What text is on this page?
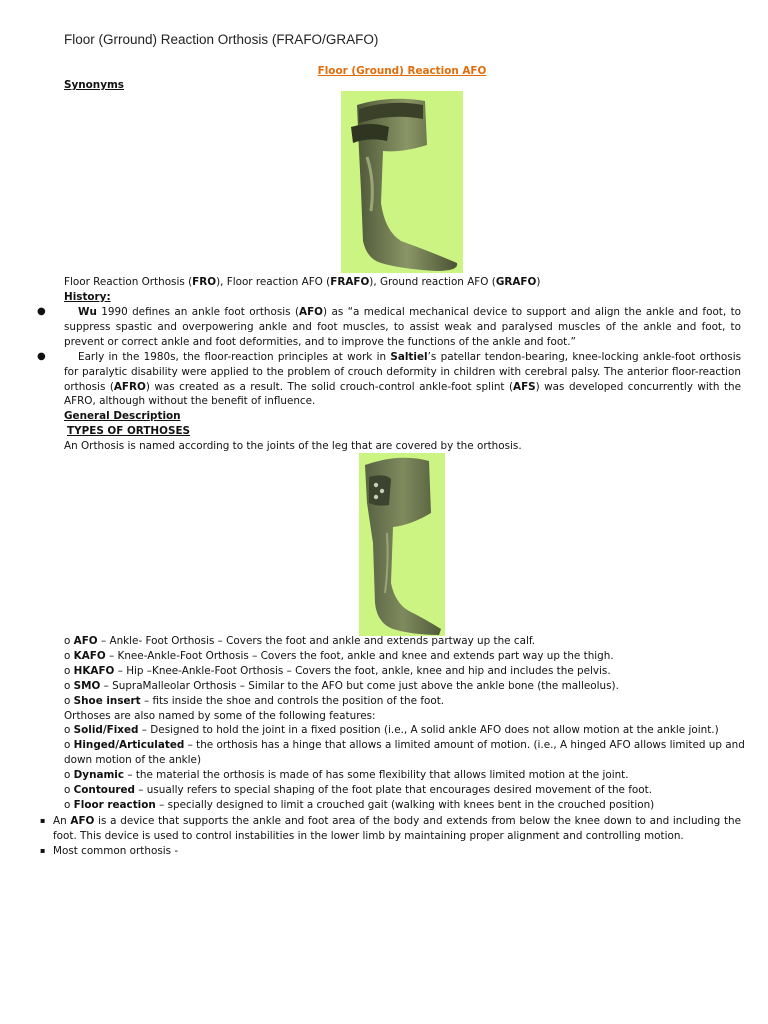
Floor (Grround) Reaction Orthosis (FRAFO/GRAFO)
Floor (Ground) Reaction AFO
Synonyms
Floor Reaction Orthosis (FRO), Floor reaction AFO (FRAFO), Ground reaction AFO (GRAFO)
History:
●	Wu 1990 defines an ankle foot orthosis (AFO) as “a medical mechanical device to support and align the ankle and foot, to suppress spastic and overpowering ankle and foot muscles, to assist weak and paralysed muscles of the ankle and foot, to prevent or correct ankle and foot deformities, and to improve the functions of the ankle and foot.”
●	Early in the 1980s, the floor-reaction principles at work in Saltiel’s patellar tendon-bearing, knee-locking ankle-foot orthosis for paralytic disability were applied to the problem of crouch deformity in children with cerebral palsy. The anterior floor-reaction orthosis (AFRO) was created as a result. The solid crouch-control ankle-foot splint (AFS) was developed concurrently with the AFRO, although without the benefit of influence.
General Description
TYPES OF ORTHOSES
An Orthosis is named according to the joints of the leg that are covered by the orthosis.
o AFO – Ankle- Foot Orthosis – Covers the foot and ankle and extends partway up the calf.
o KAFO – Knee-Ankle-Foot Orthosis – Covers the foot, ankle and knee and extends part way up the thigh.
o HKAFO – Hip –Knee-Ankle-Foot Orthosis – Covers the foot, ankle, knee and hip and includes the pelvis.
o SMO – SupraMalleolar Orthosis – Similar to the AFO but come just above the ankle bone (the malleolus).
o Shoe insert – fits inside the shoe and controls the position of the foot.
Orthoses are also named by some of the following features:
o Solid/Fixed – Designed to hold the joint in a fixed position (i.e., A solid ankle AFO does not allow motion at the ankle joint.)
o Hinged/Articulated – the orthosis has a hinge that allows a limited amount of motion. (i.e., A hinged AFO allows limited up and down motion of the ankle)
o Dynamic – the material the orthosis is made of has some flexibility that allows limited motion at the joint.
o Contoured – usually refers to special shaping of the foot plate that encourages desired movement of the foot.
o Floor reaction – specially designed to limit a crouched gait (walking with knees bent in the crouched position)
▪ An AFO is a device that supports the ankle and foot area of the body and extends from below the knee down to and including the foot. This device is used to control instabilities in the lower limb by maintaining proper alignment and controlling motion.
▪ Most common orthosis -
